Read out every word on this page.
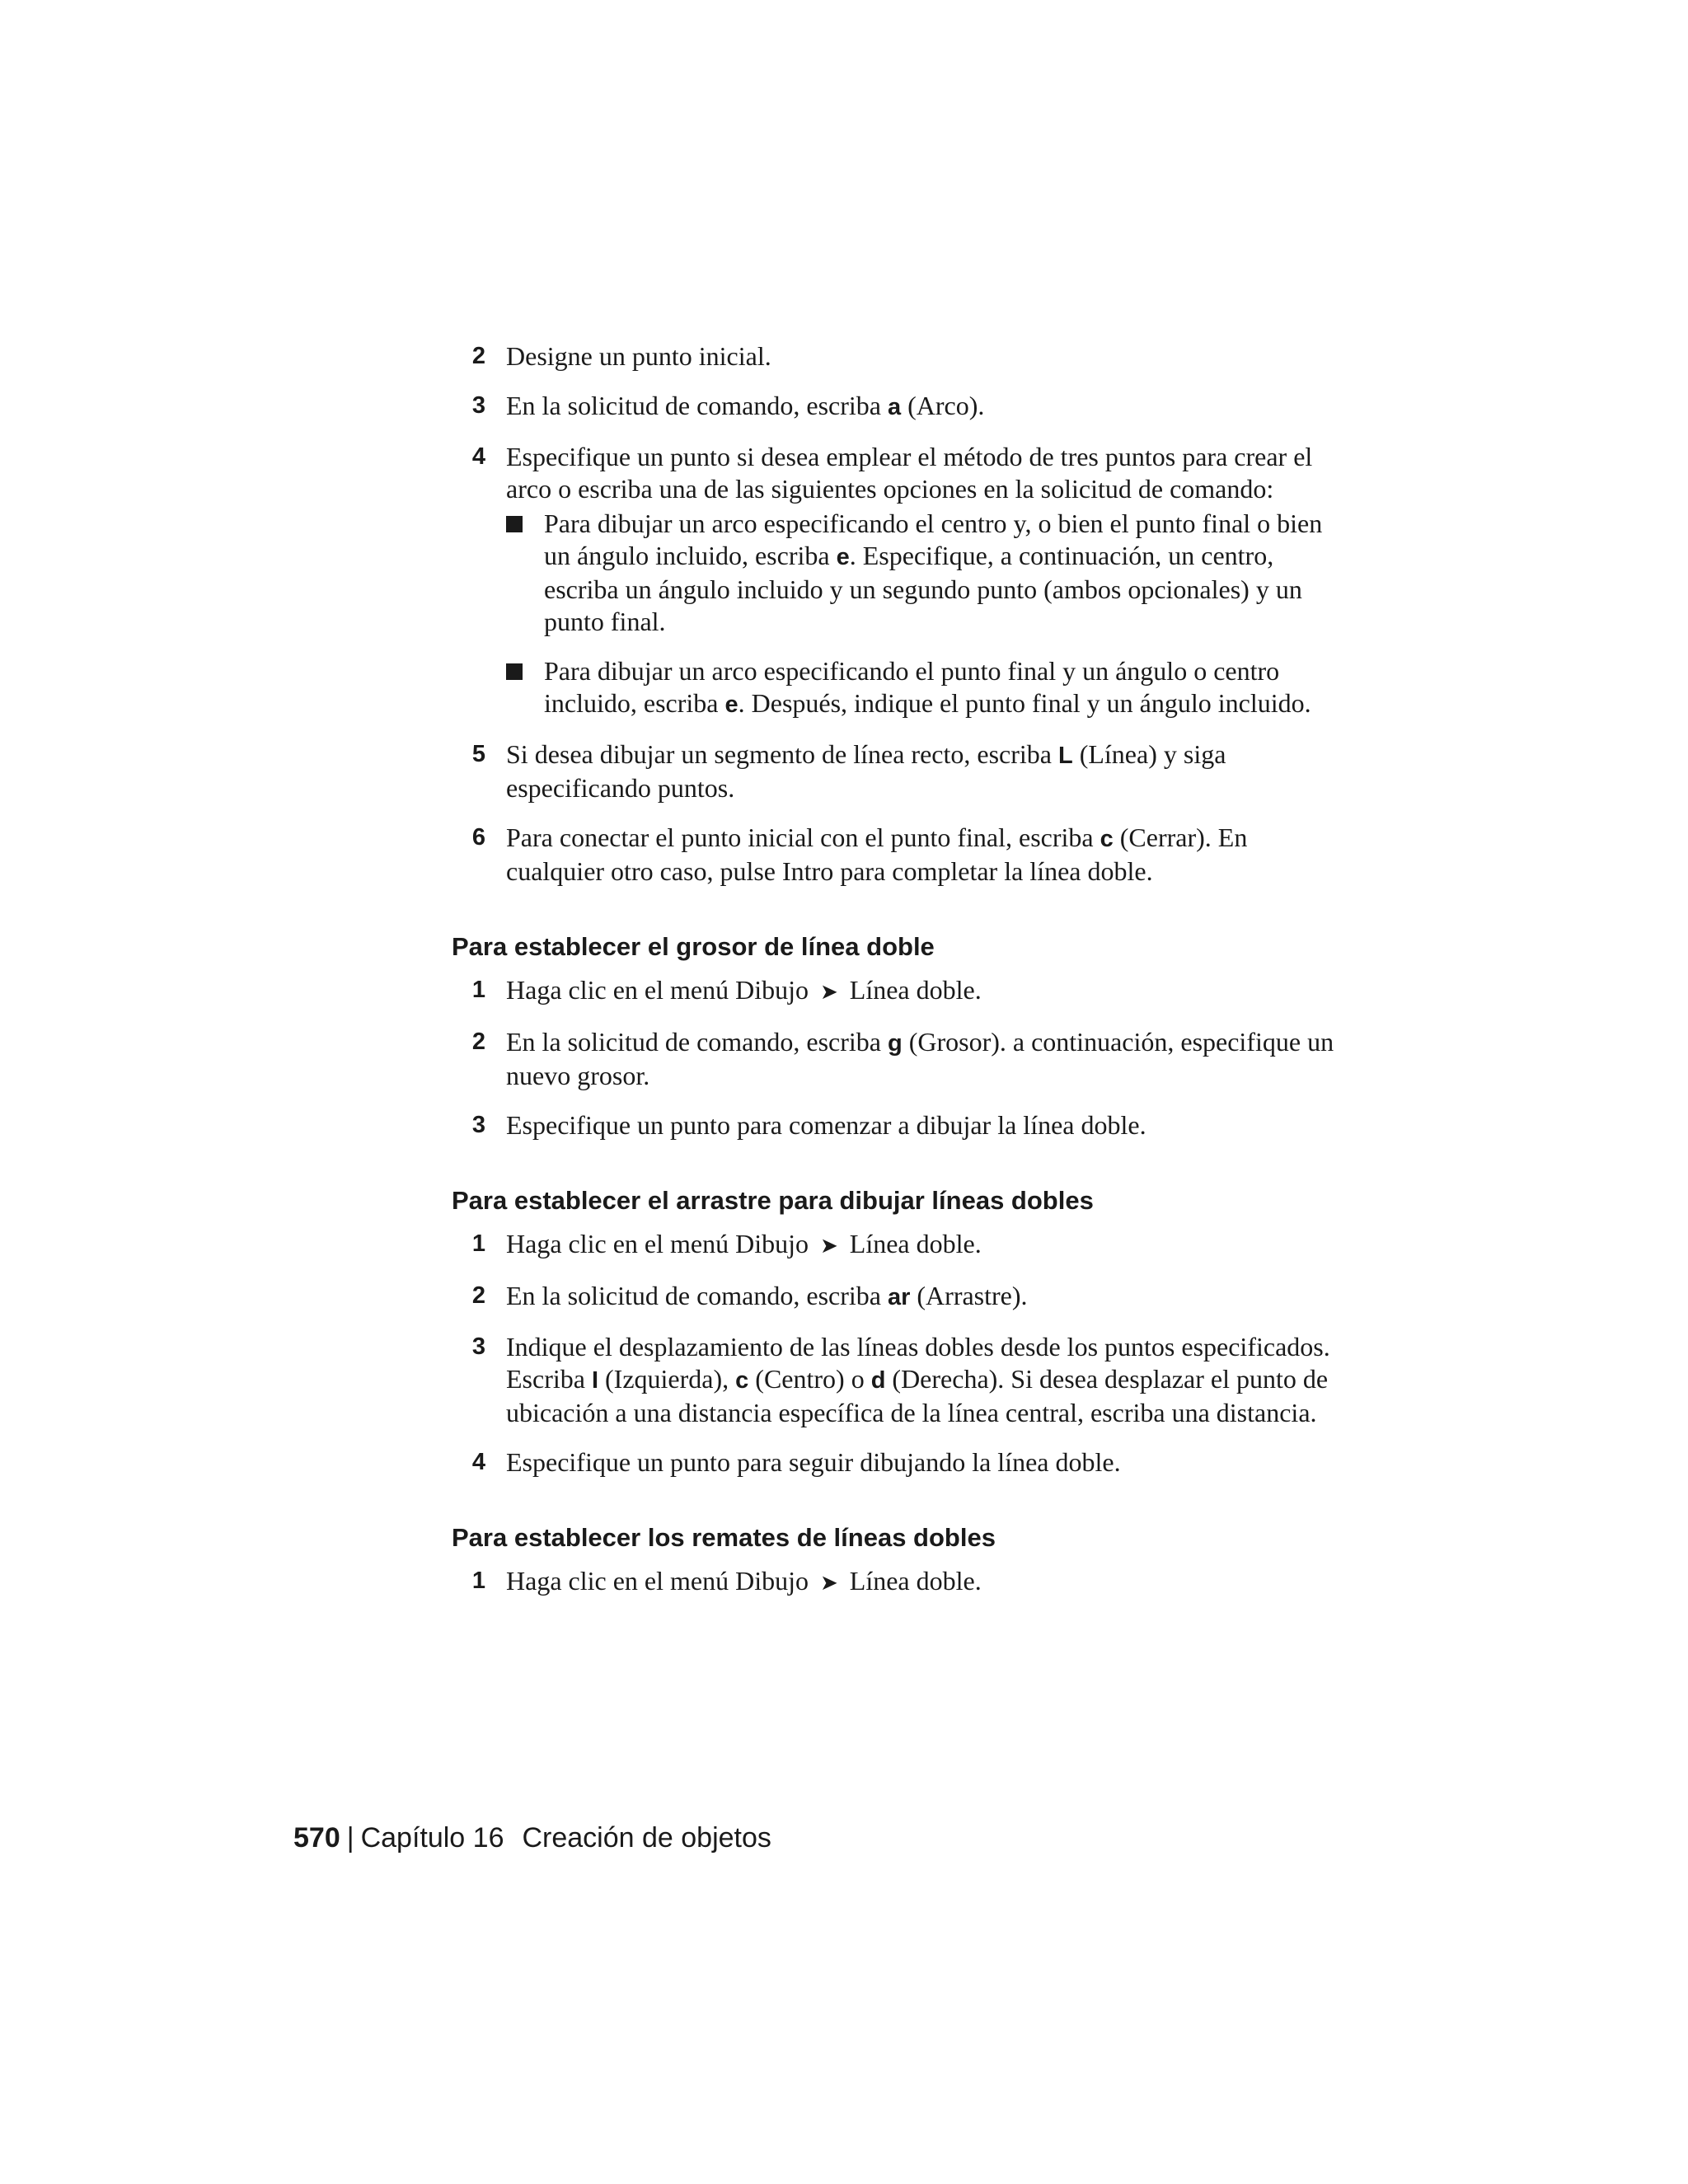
2 Designe un punto inicial.
3 En la solicitud de comando, escriba a (Arco).
4 Especifique un punto si desea emplear el método de tres puntos para crear el arco o escriba una de las siguientes opciones en la solicitud de comando:
Para dibujar un arco especificando el centro y, o bien el punto final o bien un ángulo incluido, escriba e. Especifique, a continuación, un centro, escriba un ángulo incluido y un segundo punto (ambos opcionales) y un punto final.
Para dibujar un arco especificando el punto final y un ángulo o centro incluido, escriba e. Después, indique el punto final y un ángulo incluido.
5 Si desea dibujar un segmento de línea recto, escriba L (Línea) y siga especificando puntos.
6 Para conectar el punto inicial con el punto final, escriba c (Cerrar). En cualquier otro caso, pulse Intro para completar la línea doble.
Para establecer el grosor de línea doble
1 Haga clic en el menú Dibujo ➤ Línea doble.
2 En la solicitud de comando, escriba g (Grosor). a continuación, especifique un nuevo grosor.
3 Especifique un punto para comenzar a dibujar la línea doble.
Para establecer el arrastre para dibujar líneas dobles
1 Haga clic en el menú Dibujo ➤ Línea doble.
2 En la solicitud de comando, escriba ar (Arrastre).
3 Indique el desplazamiento de las líneas dobles desde los puntos especificados. Escriba I (Izquierda), c (Centro) o d (Derecha). Si desea desplazar el punto de ubicación a una distancia específica de la línea central, escriba una distancia.
4 Especifique un punto para seguir dibujando la línea doble.
Para establecer los remates de líneas dobles
1 Haga clic en el menú Dibujo ➤ Línea doble.
570 | Capítulo 16 Creación de objetos
